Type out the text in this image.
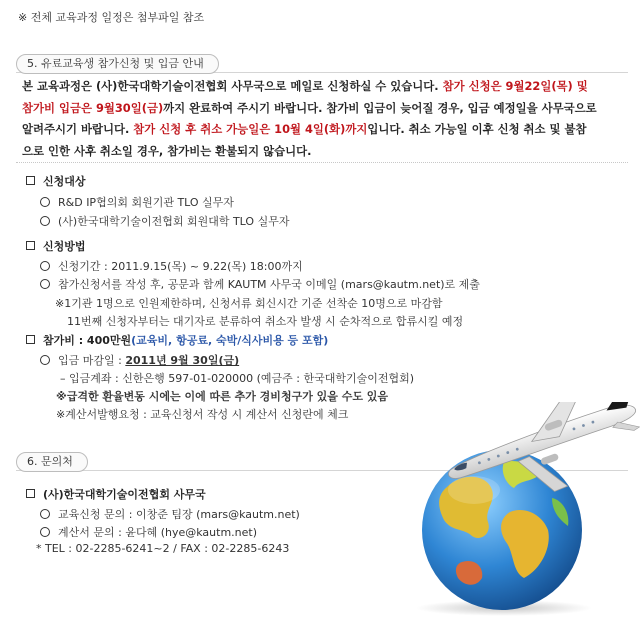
※ 전체 교육과정 일정은 첨부파일 참조
5. 유료교육생 참가신청 및 입금 안내
본 교육과정은 (사)한국대학기술이전협회 사무국으로 메일로 신청하실 수 있습니다. 참가 신청은 9월22일(목) 및
참가비 입금은 9월30일(금)까지 완료하여 주시기 바랍니다. 참가비 입금이 늦어질 경우, 입금 예정일을 사무국으로
알려주시기 바랍니다. 참가 신청 후 취소 가능일은 10월 4일(화)까지입니다. 취소 가능일 이후 신청 취소 및 불참
으로 인한 사후 취소일 경우, 참가비는 환불되지 않습니다.
신청대상
R&D IP협의회 회원기관 TLO 실무자
(사)한국대학기술이전협회 회원대학 TLO 실무자
신청방법
신청기간 : 2011.9.15(목) ~ 9.22(목) 18:00까지
참가신청서를 작성 후, 공문과 함께 KAUTM 사무국 이메일 (mars@kautm.net)로 제출
※1기관 1명으로 인원제한하며, 신청서류 회신시간 기준 선착순 10명으로 마감함
11번째 신청자부터는 대기자로 분류하여 취소자 발생 시 순차적으로 합류시킬 예정
참가비 : 400만원(교육비, 항공료, 숙박/식사비용 등 포함)
입금 마감일 : 2011년 9월 30일(금)
– 입금계좌 : 신한은행 597-01-020000 (예금주 : 한국대학기술이전협회)
※급격한 환율변동 시에는 이에 따른 추가 경비청구가 있을 수도 있음
※계산서발행요청 : 교육신청서 작성 시 계산서 신청란에 체크
6. 문의처
(사)한국대학기술이전협회 사무국
교육신청 문의 : 이창준 팀장 (mars@kautm.net)
계산서 문의 : 윤다혜 (hye@kautm.net)
* TEL : 02-2285-6241~2 / FAX : 02-2285-6243
